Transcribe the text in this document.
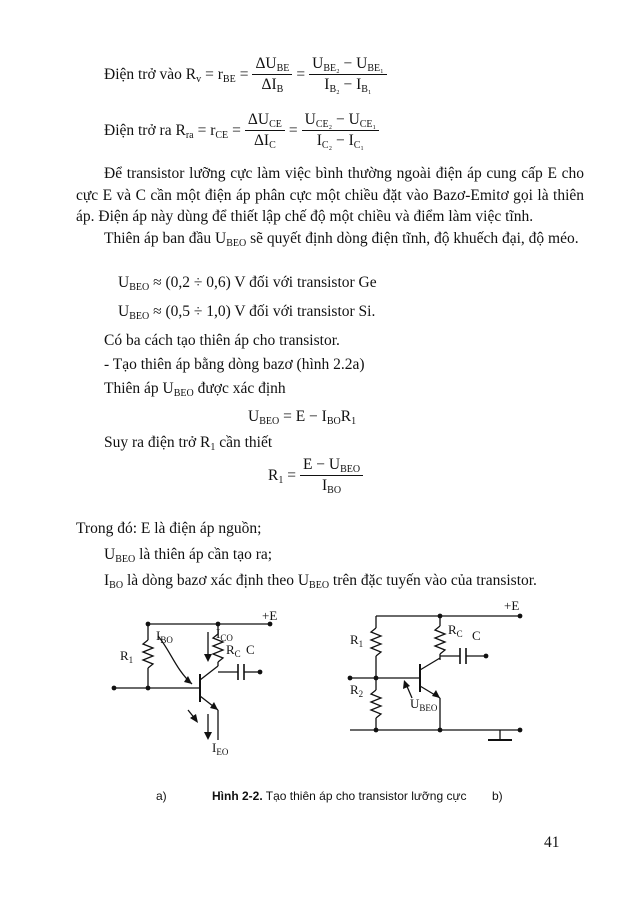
Điện trở vào $R_v = r_{BE} = \frac{\Delta U_{BE}}{\Delta I_B} = \frac{U_{BE_2} - U_{BE_1}}{I_{B_2} - I_{B_1}}$
Điện trở ra $R_{ra} = r_{CE} = \frac{\Delta U_{CE}}{\Delta I_C} = \frac{U_{CE_2} - U_{CE_1}}{I_{C_2} - I_{C_1}}$
Để transistor lưỡng cực làm việc bình thường ngoài điện áp cung cấp E cho cực E và C cần một điện áp phân cực một chiều đặt vào Bazơ-Emitơ gọi là thiên áp. Điện áp này dùng để thiết lập chế độ một chiều và điểm làm việc tĩnh.
Thiên áp ban đầu $U_{BEO}$ sẽ quyết định dòng điện tĩnh, độ khuếch đại, độ méo.
$U_{BEO} \approx (0,2 \div 0,6)$ V đối với transistor Ge
$U_{BEO} \approx (0,5 \div 1,0)$ V đối với transistor Si.
Có ba cách tạo thiên áp cho transistor.
- Tạo thiên áp bằng dòng bazơ (hình 2.2a)
Thiên áp $U_{BEO}$ được xác định
$U_{BEO} = E - I_{BO}R_1$
Suy ra điện trở $R_1$ cần thiết
$R_1 = \frac{E - U_{BEO}}{I_{BO}}$
Trong đó: E là điện áp nguồn;
$U_{BEO}$ là thiên áp cần tạo ra;
$I_{BO}$ là dòng bazơ xác định theo $U_{BEO}$ trên đặc tuyến vào của transistor.
$R_1$
$I_{BO}$	$I_{CO}$
$R_C$ C
+E
$I_{EO}$
$R_1$
$R_C$ C
+E
$R_2$
$U_{BEO}$
a)	Hình 2-2. Tạo thiên áp cho transistor lưỡng cực b)
41
